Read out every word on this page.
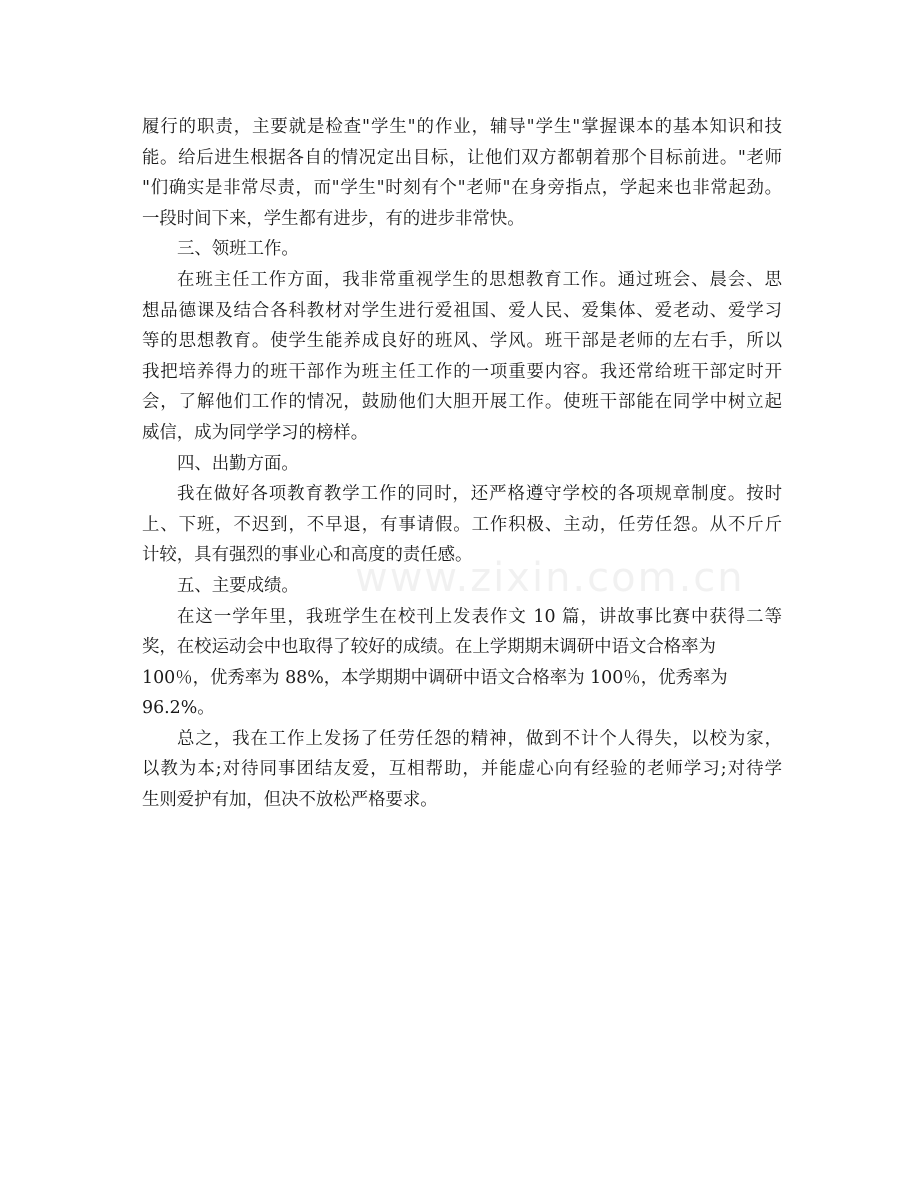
履行的职责，主要就是检查"学生"的作业，辅导"学生"掌握课本的基本知识和技
能。给后进生根据各自的情况定出目标，让他们双方都朝着那个目标前进。"老师
"们确实是非常尽责，而"学生"时刻有个"老师"在身旁指点，学起来也非常起劲。
一段时间下来，学生都有进步，有的进步非常快。
三、领班工作。
在班主任工作方面，我非常重视学生的思想教育工作。通过班会、晨会、思
想品德课及结合各科教材对学生进行爱祖国、爱人民、爱集体、爱老动、爱学习
等的思想教育。使学生能养成良好的班风、学风。班干部是老师的左右手，所以
我把培养得力的班干部作为班主任工作的一项重要内容。我还常给班干部定时开
会，了解他们工作的情况，鼓励他们大胆开展工作。使班干部能在同学中树立起
威信，成为同学学习的榜样。
四、出勤方面。
我在做好各项教育教学工作的同时，还严格遵守学校的各项规章制度。按时
上、下班，不迟到，不早退，有事请假。工作积极、主动，任劳任怨。从不斤斤
计较，具有强烈的事业心和高度的责任感。
五、主要成绩。
在这一学年里，我班学生在校刊上发表作文 10 篇，讲故事比赛中获得二等
奖，在校运动会中也取得了较好的成绩。在上学期期末调研中语文合格率为
100％，优秀率为 88%，本学期期中调研中语文合格率为 100％，优秀率为
96.2%。
总之，我在工作上发扬了任劳任怨的精神，做到不计个人得失，以校为家，
以教为本;对待同事团结友爱，互相帮助，并能虚心向有经验的老师学习;对待学
生则爱护有加，但决不放松严格要求。
www.zixin.com.cn
